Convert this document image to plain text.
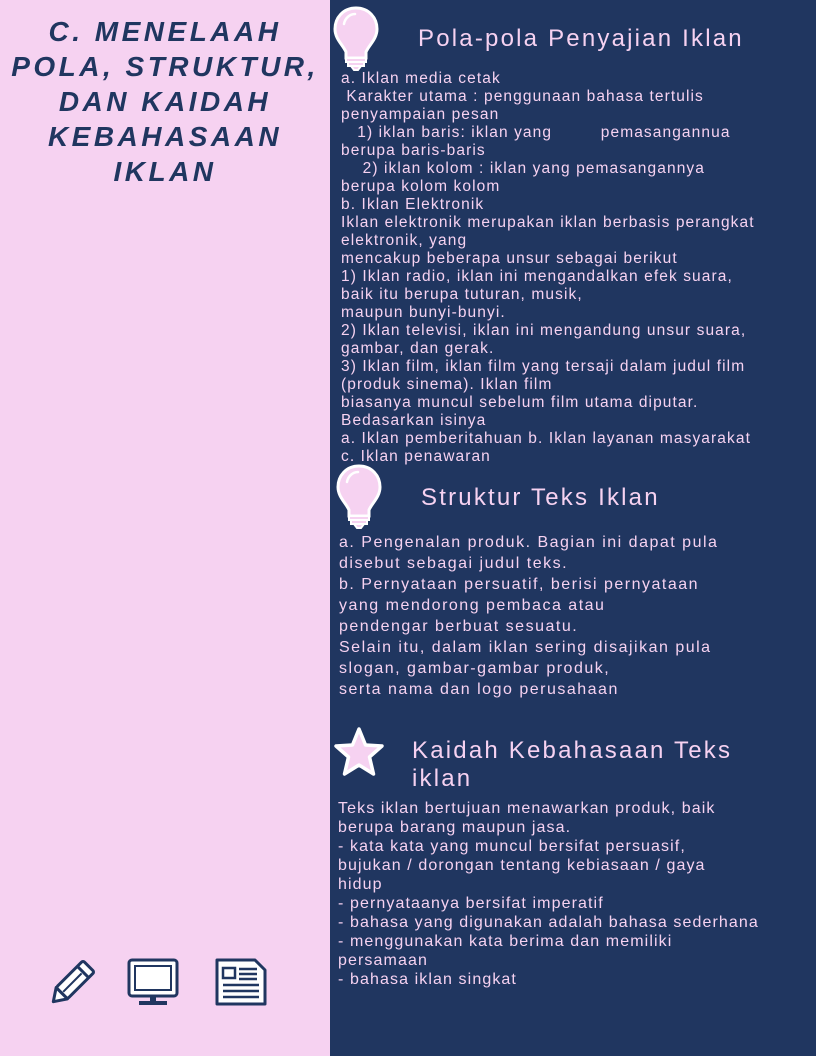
C. MENELAAH
POLA, STRUKTUR,
DAN KAIDAH
KEBAHASAAN
IKLAN
Pola-pola Penyajian Iklan
a. Iklan media cetak
Karakter utama : penggunaan bahasa tertulis
penyampaian pesan
1) iklan baris: iklan yang         pemasangannua
berupa baris-baris
2) iklan kolom : iklan yang pemasangannya
berupa kolom kolom
b. Iklan Elektronik
Iklan elektronik merupakan iklan berbasis perangkat
elektronik, yang
mencakup beberapa unsur sebagai berikut
1) Iklan radio, iklan ini mengandalkan efek suara,
baik itu berupa tuturan, musik,
maupun bunyi-bunyi.
2) Iklan televisi, iklan ini mengandung unsur suara,
gambar, dan gerak.
3) Iklan film, iklan film yang tersaji dalam judul film
(produk sinema). Iklan film
biasanya muncul sebelum film utama diputar.
Bedasarkan isinya
a. Iklan pemberitahuan b. Iklan layanan masyarakat
c. Iklan penawaran
Struktur Teks Iklan
a. Pengenalan produk. Bagian ini dapat pula
disebut sebagai judul teks.
b. Pernyataan persuatif, berisi pernyataan
yang mendorong pembaca atau
pendengar berbuat sesuatu.
Selain itu, dalam iklan sering disajikan pula
slogan, gambar-gambar produk,
serta nama dan logo perusahaan
Kaidah Kebahasaan Teks
iklan
Teks iklan bertujuan menawarkan produk, baik
berupa barang maupun jasa.
- kata kata yang muncul bersifat persuasif,
bujukan / dorongan tentang kebiasaan / gaya
hidup
- pernyataanya bersifat imperatif
- bahasa yang digunakan adalah bahasa sederhana
- menggunakan kata berima dan memiliki
persamaan
- bahasa iklan singkat
